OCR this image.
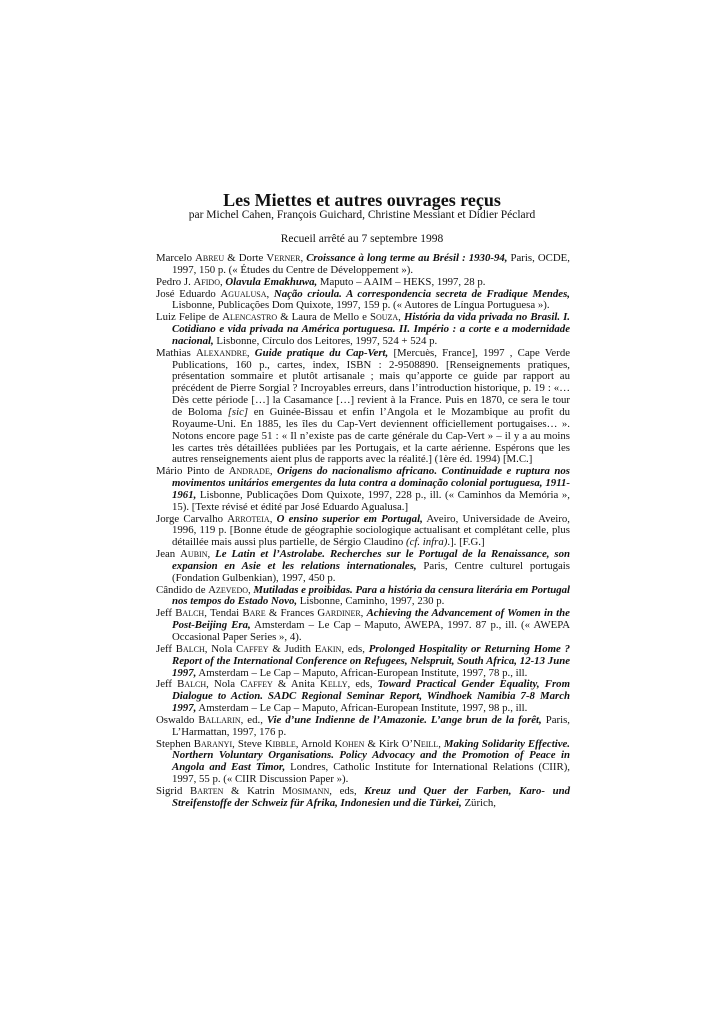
Les Miettes et autres ouvrages reçus
par Michel Cahen, François Guichard, Christine Messiant et Didier Péclard
Recueil arrêté au 7 septembre 1998

Marcelo Abreu & Dorte Verner, Croissance à long terme au Brésil : 1930-94, Paris, OCDE, 1997, 150 p. (« Études du Centre de Développement »).

Pedro J. Afido, Olavula Emakhuwa, Maputo – AAIM – HEKS, 1997, 28 p.

José Eduardo Agualusa, Nação crioula. A correspondencia secreta de Fradique Mendes, Lisbonne, Publicações Dom Quixote, 1997, 159 p. (« Autores de Língua Portuguesa »).

Luiz Felipe de Alencastro & Laura de Mello e Souza, História da vida privada no Brasil. I. Cotidiano e vida privada na América portuguesa. II. Império : a corte e a modernidade nacional, Lisbonne, Círculo dos Leitores, 1997, 524 + 524 p.

Mathias Alexandre, Guide pratique du Cap-Vert, [Mercuès, France], 1997 , Cape Verde Publications, 160 p., cartes, index, ISBN : 2-9508890. [Renseignements pratiques, présentation sommaire et plutôt artisanale ; mais qu’apporte ce guide par rapport au précédent de Pierre Sorgial ? Incroyables erreurs, dans l’introduction historique, p. 19 : «…Dès cette période […] la Casamance […] revient à la France. Puis en 1870, ce sera le tour de Boloma [sic] en Guinée-Bissau et enfin l’Angola et le Mozambique au profit du Royaume-Uni. En 1885, les îles du Cap-Vert deviennent officiellement portugaises… ». Notons encore page 51 : « Il n’existe pas de carte générale du Cap-Vert » – il y a au moins les cartes très détaillées publiées par les Portugais, et la carte aérienne. Espérons que les autres renseignements aient plus de rapports avec la réalité.] (1ère éd. 1994) [M.C.]

Mário Pinto de Andrade, Origens do nacionalismo africano. Continuidade e ruptura nos movimentos unitários emergentes da luta contra a dominação colonial portuguesa, 1911-1961, Lisbonne, Publicações Dom Quixote, 1997, 228 p., ill. (« Caminhos da Memória », 15). [Texte révisé et édité par José Eduardo Agualusa.]

Jorge Carvalho Arroteia, O ensino superior em Portugal, Aveiro, Universidade de Aveiro, 1996, 119 p. [Bonne étude de géographie sociologique actualisant et complétant celle, plus détaillée mais aussi plus partielle, de Sérgio Claudino (cf. infra).]. [F.G.]

Jean Aubin, Le Latin et l’Astrolabe. Recherches sur le Portugal de la Renaissance, son expansion en Asie et les relations internationales, Paris, Centre culturel portugais (Fondation Gulbenkian), 1997, 450 p.

Cândido de Azevedo, Mutiladas e proibidas. Para a história da censura literária em Portugal nos tempos do Estado Novo, Lisbonne, Caminho, 1997, 230 p.

Jeff Balch, Tendai Bare & Frances Gardiner, Achieving the Advancement of Women in the Post-Beijing Era, Amsterdam – Le Cap – Maputo, AWEPA, 1997. 87 p., ill. (« AWEPA Occasional Paper Series », 4).

Jeff Balch, Nola Caffey & Judith Eakin, eds, Prolonged Hospitality or Returning Home ? Report of the International Conference on Refugees, Nelspruit, South Africa, 12-13 June 1997, Amsterdam – Le Cap – Maputo, African-European Institute, 1997, 78 p., ill.

Jeff Balch, Nola Caffey & Anita Kelly, eds, Toward Practical Gender Equality, From Dialogue to Action. SADC Regional Seminar Report, Windhoek Namibia 7-8 March 1997, Amsterdam – Le Cap – Maputo, African-European Institute, 1997, 98 p., ill.

Oswaldo Ballarin, ed., Vie d’une Indienne de l’Amazonie. L’ange brun de la forêt, Paris, L’Harmattan, 1997, 176 p.

Stephen Baranyi, Steve Kibble, Arnold Kohen & Kirk O’Neill, Making Solidarity Effective. Northern Voluntary Organisations. Policy Advocacy and the Promotion of Peace in Angola and East Timor, Londres, Catholic Institute for International Relations (CIIR), 1997, 55 p. (« CIIR Discussion Paper »).

Sigrid Barten & Katrin Mosimann, eds, Kreuz und Quer der Farben, Karo- und Streifenstoffe der Schweiz für Afrika, Indonesien und die Türkei, Zürich,
